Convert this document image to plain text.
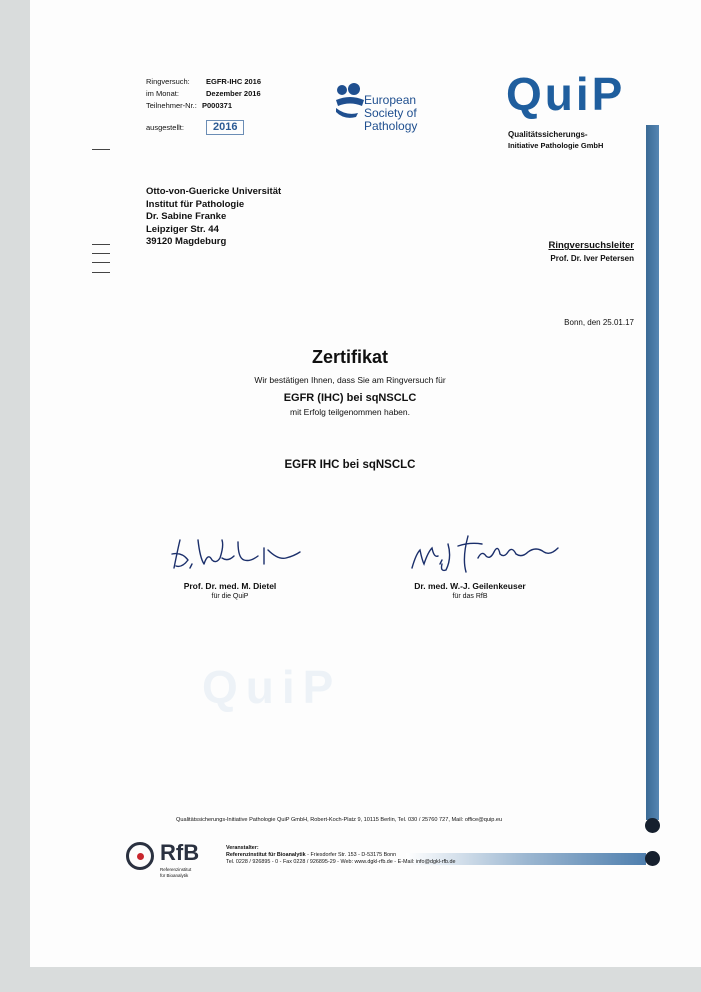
Ringversuch: EGFR-IHC 2016
im Monat:	Dezember 2016
Teilnehmer-Nr.: P000371
ausgestellt:	2016
European
Society of
Pathology
QuiP
Qualitätssicherungs-
Initiative Pathologie GmbH
Otto-von-Guericke Universität
Institut für Pathologie
Dr. Sabine Franke
Leipziger Str. 44
39120 Magdeburg	Ringversuchsleiter
Prof. Dr. Iver Petersen
Bonn, den 25.01.17
Zertifikat
Wir bestätigen Ihnen, dass Sie am Ringversuch für
EGFR (IHC) bei sqNSCLC
mit Erfolg teilgenommen haben.
EGFR IHC bei sqNSCLC
Prof. Dr. med. M. Dietel
für die QuiP
Dr. med. W.-J. Geilenkeuser
für das RfB
QuiP
Qualitätssicherungs-Initiative Pathologie QuiP GmbH, Robert-Koch-Platz 9, 10115 Berlin, Tel. 030 / 25760 727, Mail: office@quip.eu
RfB
Referenzinstitut
für Bioanalytik
Veranstalter:
Referenzinstitut für Bioanalytik - Friesdorfer Str. 153 - D-53175 Bonn
Tel. 0228 / 926895 - 0 - Fax 0228 / 926895-29 - Web: www.dgkl-rfb.de - E-Mail: info@dgkl-rfb.de
